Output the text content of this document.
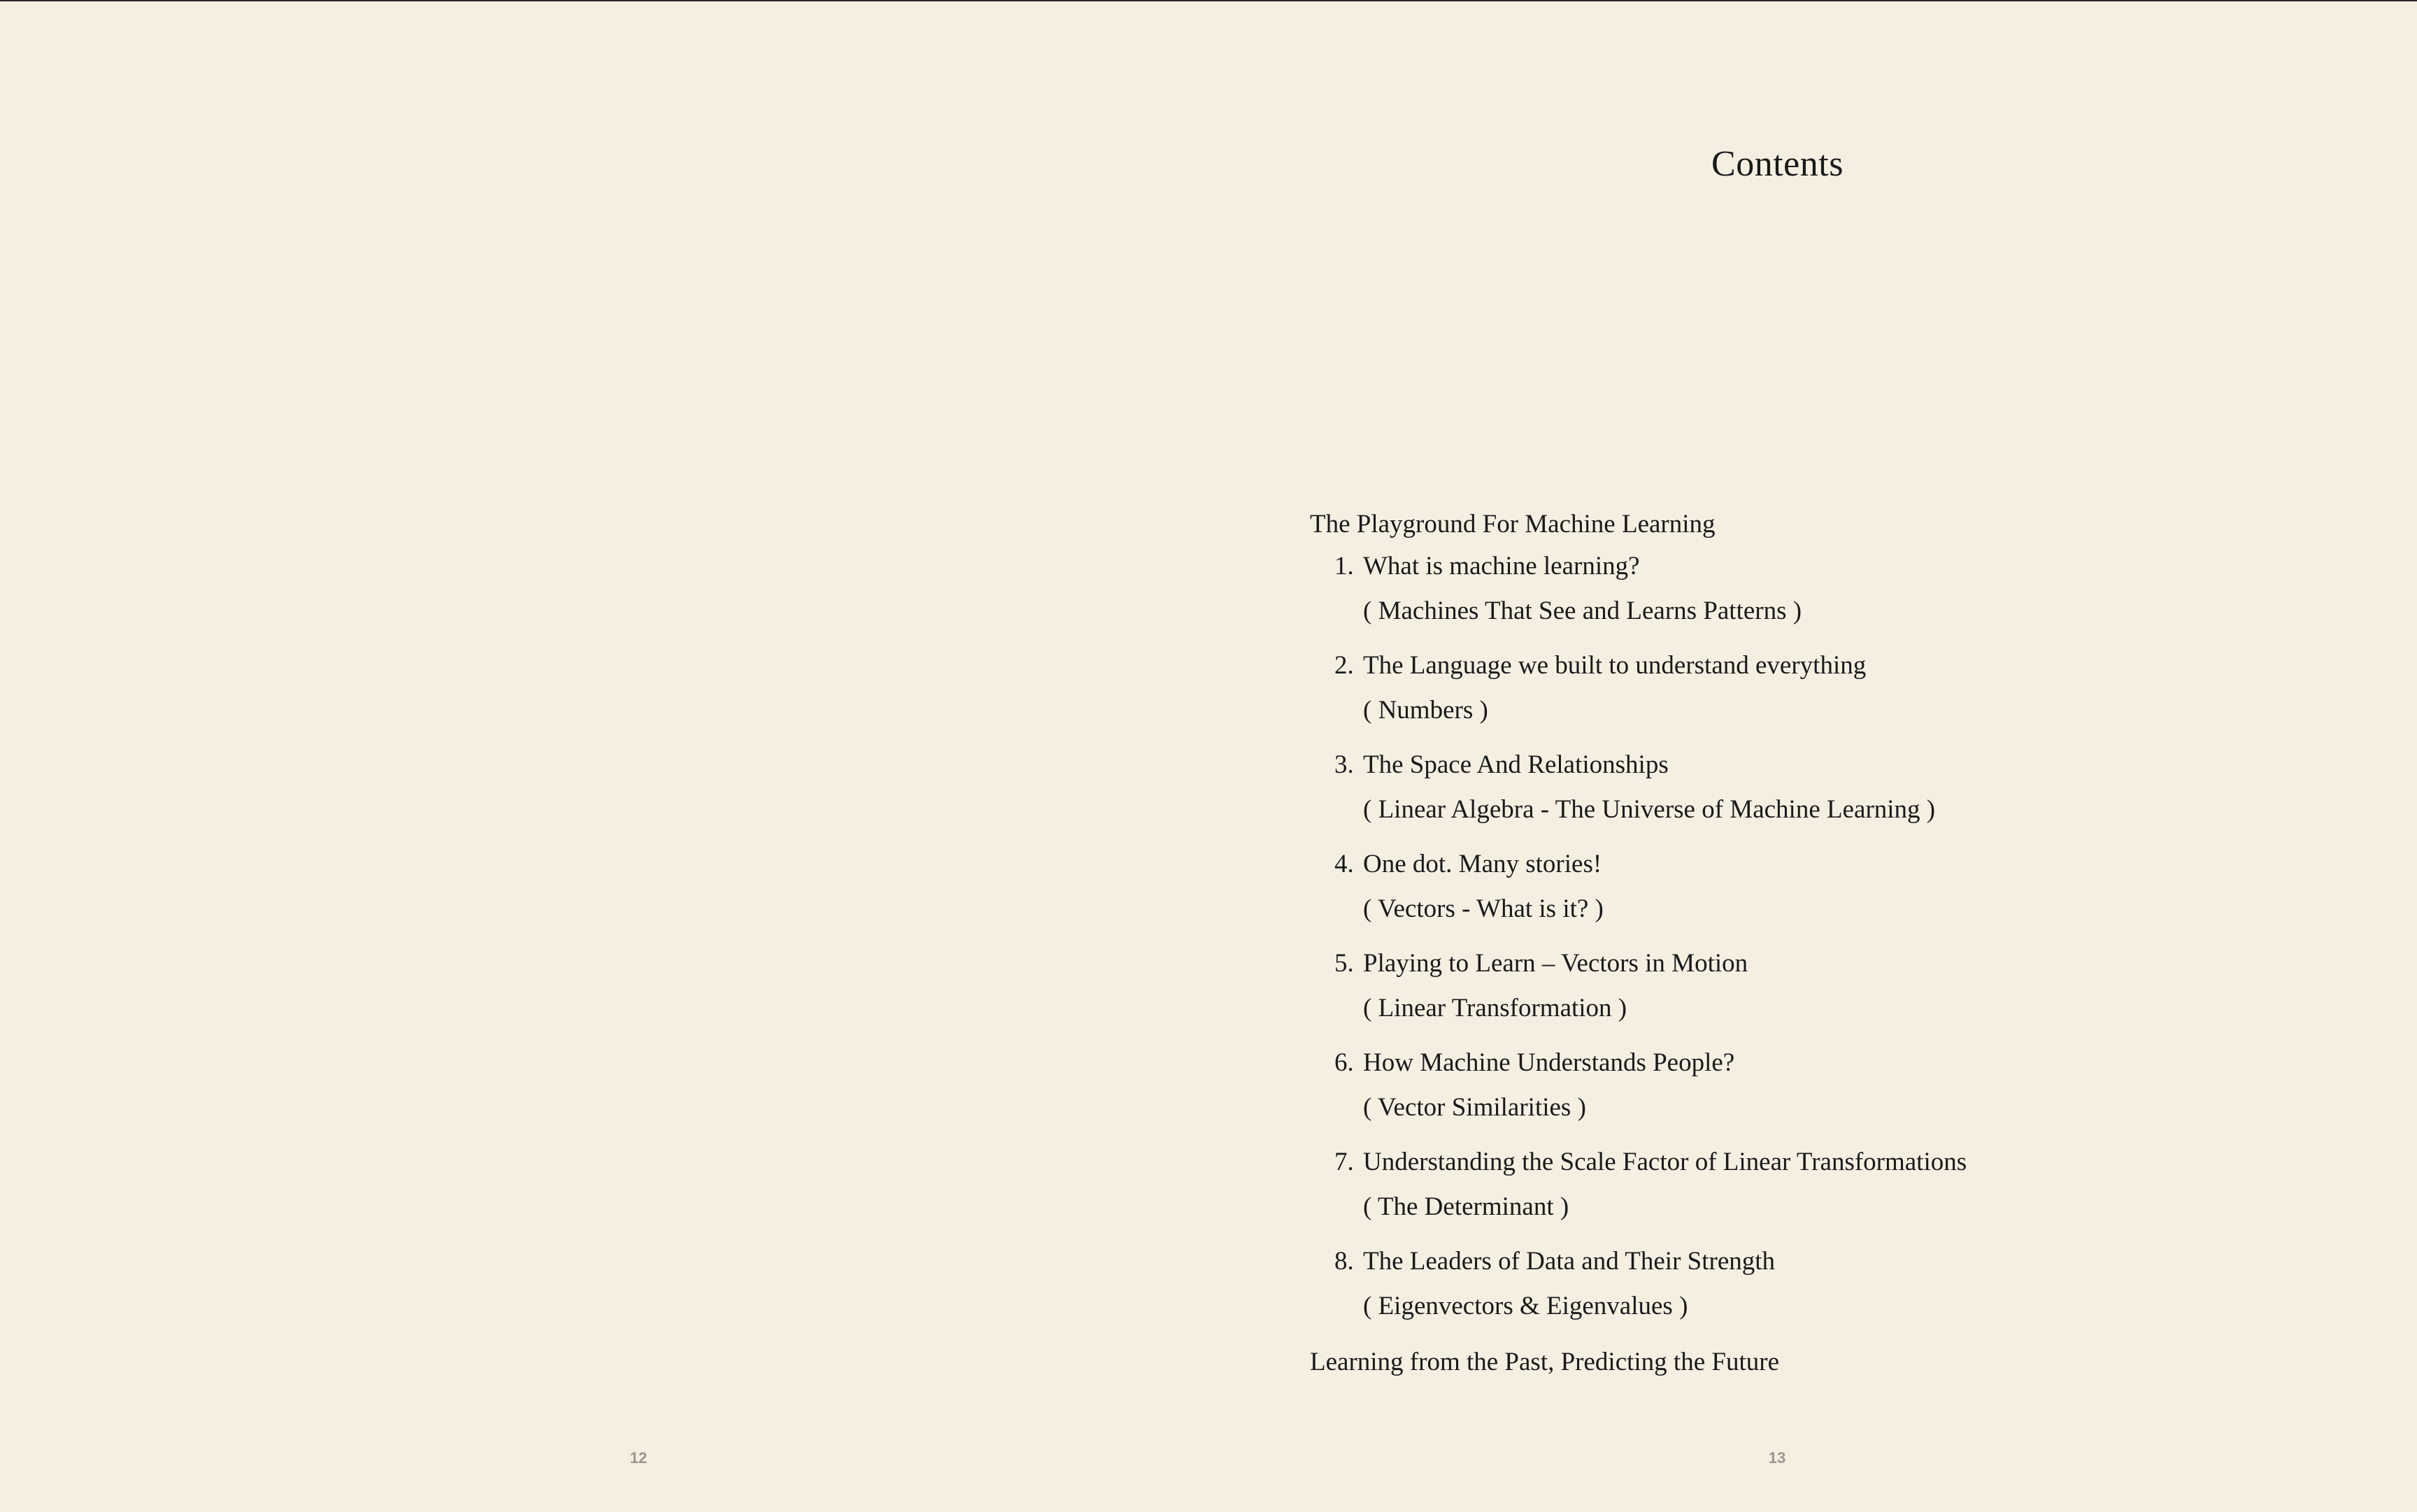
Contents

The Playground For Machine Learning

1. What is machine learning?
( Machines That See and Learns Patterns )
2. The Language we built to understand everything
( Numbers )
3. The Space And Relationships
( Linear Algebra - The Universe of Machine Learning )
4. One dot. Many stories!
( Vectors - What is it? )
5. Playing to Learn – Vectors in Motion
( Linear Transformation )
6. How Machine Understands People?
( Vector Similarities )
7. Understanding the Scale Factor of Linear Transformations
( The Determinant )
8. The Leaders of Data and Their Strength
( Eigenvectors & Eigenvalues )

Learning from the Past, Predicting the Future

12	13
